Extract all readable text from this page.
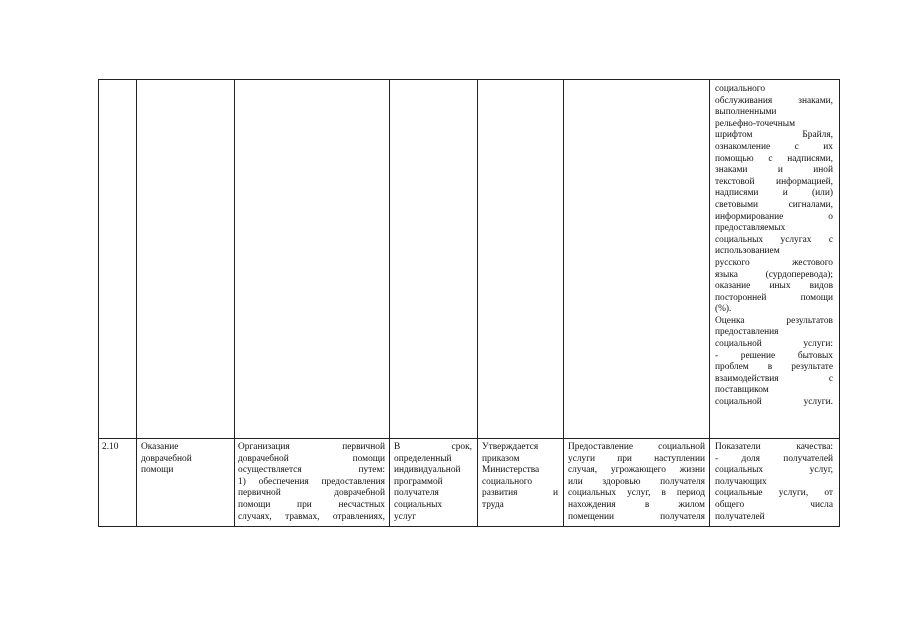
социального
обслуживания знаками,
выполненными
рельефно-точечным
шрифтом Брайля,
ознакомление с их
помощью с надписями,
знаками и иной
текстовой информацией,
надписями и (или)
световыми сигналами,
информирование о
предоставляемых
социальных услугах с
использованием
русского жестового
языка (сурдоперевода);
оказание иных видов
посторонней помощи
(%).
Оценка результатов
предоставления
социальной услуги:
- решение бытовых
проблем в результате
взаимодействия с
поставщиком
социальной услуги.
2.10	Оказание
доврачебной
помощи
Организация первичной
доврачебной помощи
осуществляется путем:
1) обеспечения предоставления
первичной доврачебной
помощи при несчастных
случаях, травмах, отравлениях,
В срок,
определенный
индивидуальной
программой
получателя
социальных
услуг
Утверждается
приказом
Министерства
социального
развития и
труда
Предоставление социальной
услуги при наступлении
случая, угрожающего жизни
или здоровью получателя
социальных услуг, в период
нахождения в жилом
помещении получателя
Показатели качества:
- доля получателей
социальных услуг,
получающих
социальные услуги, от
общего числа
получателей
